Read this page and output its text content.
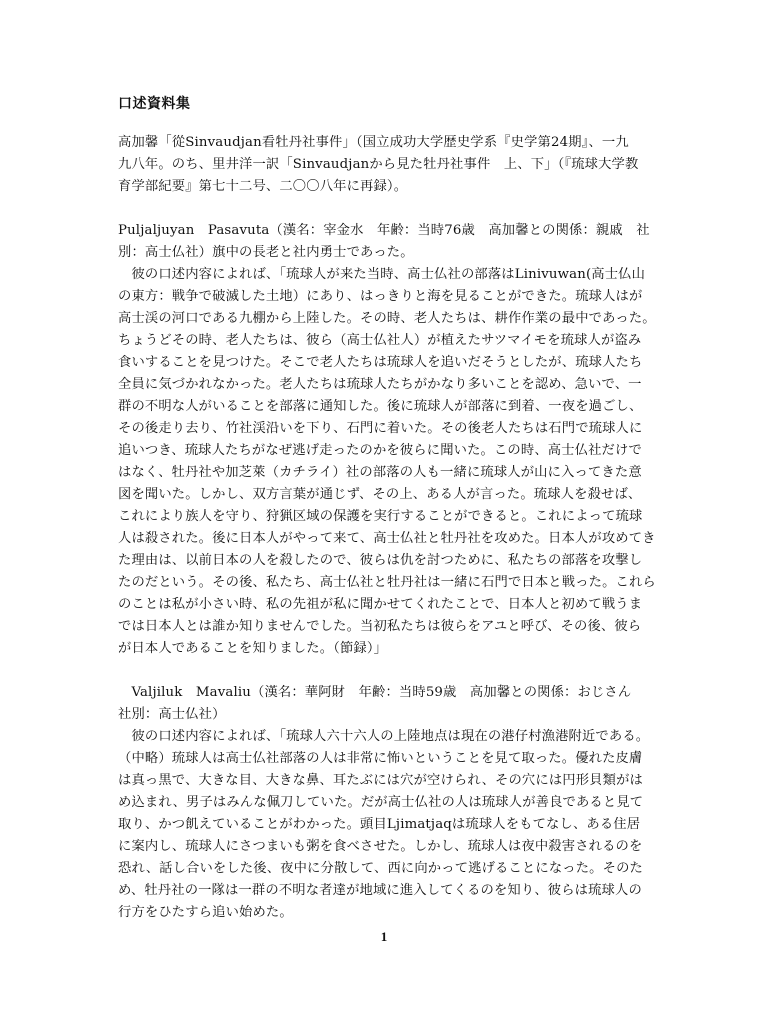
口述資料集
高加馨「從Sinvaudjan看牡丹社事件」（国立成功大学歴史学系『史学第24期』、一九
九八年。のち、里井洋一訳「Sinvaudjanから見た牡丹社事件　上、下」（『琉球大学教
育学部紀要』第七十二号、二〇〇八年に再録）。
Puljaljuyan　Pasavuta（漢名：宰金水　年齢：当時76歳　高加馨との関係：親戚　社
別：高士仏社）旗中の長老と社内勇士であった。
　彼の口述内容によれば、「琉球人が来た当時、高士仏社の部落はLinivuwan(高士仏山
の東方：戦争で破滅した土地）にあり、はっきりと海を見ることができた。琉球人はが
高士渓の河口である九棚から上陸した。その時、老人たちは、耕作作業の最中であった。
ちょうどその時、老人たちは、彼ら（高士仏社人）が植えたサツマイモを琉球人が盗み
食いすることを見つけた。そこで老人たちは琉球人を追いだそうとしたが、琉球人たち
全員に気づかれなかった。老人たちは琉球人たちがかなり多いことを認め、急いで、一
群の不明な人がいることを部落に通知した。後に琉球人が部落に到着、一夜を過ごし、
その後走り去り、竹社渓沿いを下り、石門に着いた。その後老人たちは石門で琉球人に
追いつき、琉球人たちがなぜ逃げ走ったのかを彼らに聞いた。この時、高士仏社だけで
はなく、牡丹社や加芝萊（カチライ）社の部落の人も一緒に琉球人が山に入ってきた意
図を聞いた。しかし、双方言葉が通じず、その上、ある人が言った。琉球人を殺せば、
これにより族人を守り、狩猟区域の保護を実行することができると。これによって琉球
人は殺された。後に日本人がやって来て、高士仏社と牡丹社を攻めた。日本人が攻めてき
た理由は、以前日本の人を殺したので、彼らは仇を討つために、私たちの部落を攻撃し
たのだという。その後、私たち、高士仏社と牡丹社は一緒に石門で日本と戦った。これら
のことは私が小さい時、私の先祖が私に聞かせてくれたことで、日本人と初めて戦うま
では日本人とは誰か知りませんでした。当初私たちは彼らをアユと呼び、その後、彼ら
が日本人であることを知りました。（節録）」
　Valjiluk　Mavaliu（漢名：華阿財　年齢：当時59歳　高加馨との関係：おじさん
社別：高士仏社）
　彼の口述内容によれば、「琉球人六十六人の上陸地点は現在の港仔村漁港附近である。
（中略）琉球人は高士仏社部落の人は非常に怖いということを見て取った。優れた皮膚
は真っ黒で、大きな目、大きな鼻、耳たぶには穴が空けられ、その穴には円形貝類がは
め込まれ、男子はみんな佩刀していた。だが高士仏社の人は琉球人が善良であると見て
取り、かつ飢えていることがわかった。頭目Ljimatjaqは琉球人をもてなし、ある住居
に案内し、琉球人にさつまいも粥を食べさせた。しかし、琉球人は夜中殺害されるのを
恐れ、話し合いをした後、夜中に分散して、西に向かって逃げることになった。そのた
め、牡丹社の一隊は一群の不明な者達が地域に進入してくるのを知り、彼らは琉球人の
行方をひたすら追い始めた。
1
